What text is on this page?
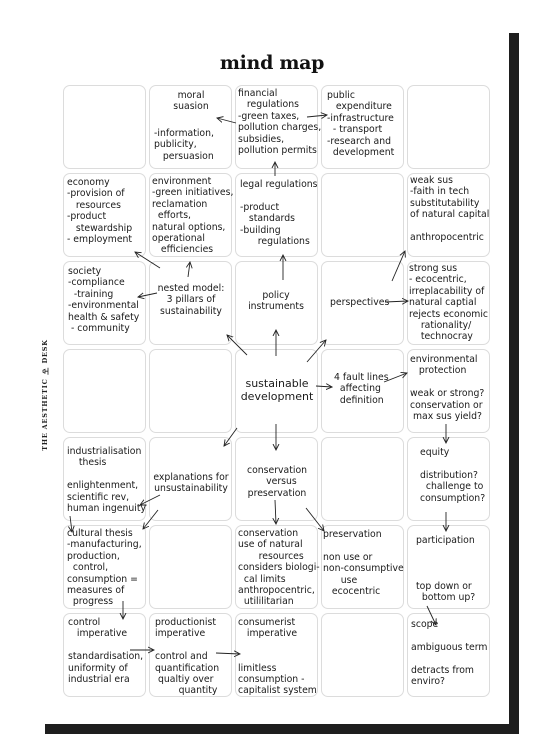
mind map
THE AESTHETICDESK
moral
suasion
-information,
publicity,
persuasion
financial
regulations
-green taxes,
pollution charges,
subsidies,
pollution permits
public
expenditure
-infrastructure
- transport
-research and
development
economy
-provision of
resources
-product
stewardship
- employment
environment
-green initiatives,
reclamation
efforts,
natural options,
operational
efficiencies
legal regulations

-product
standards
-building
regulations
weak sus
-faith in tech
substitutability
of natural capital

anthropocentric
society
-compliance
-training
-environmental
health & safety
- community
nested model:
3 pillars of
sustainability
policy
instruments	perspectives
strong sus
- ecocentric,
irreplacability of
natural captial
rejects economic
rationality/
technocray
sustainable
development
4 fault lines
affecting
definition
environmental
protection

weak or strong?
conservation or
max sus yield?
industrialisation
thesis

enlightenment,
scientific rev,
human ingenuity
explanations for
unsustainability
conservation
versus
preservation
equity

distribution?
challenge to
consumption?
cultural thesis
-manufacturing,
production,
control,
consumption =
measures of
progress
conservation
use of natural
resources
considers biologi-
cal limits
anthropocentric,
utililitarian
preservation

non use or
non-consumptive
use
ecocentric
participation

top down or
bottom up?
control
imperative

standardisation,
uniformity of
industrial era
productionist
imperative

control and
quantification
qualtiy over
quantity
consumerist
imperative

limitless
consumption -
capitalist system
scope

ambiguous term

detracts from
enviro?
